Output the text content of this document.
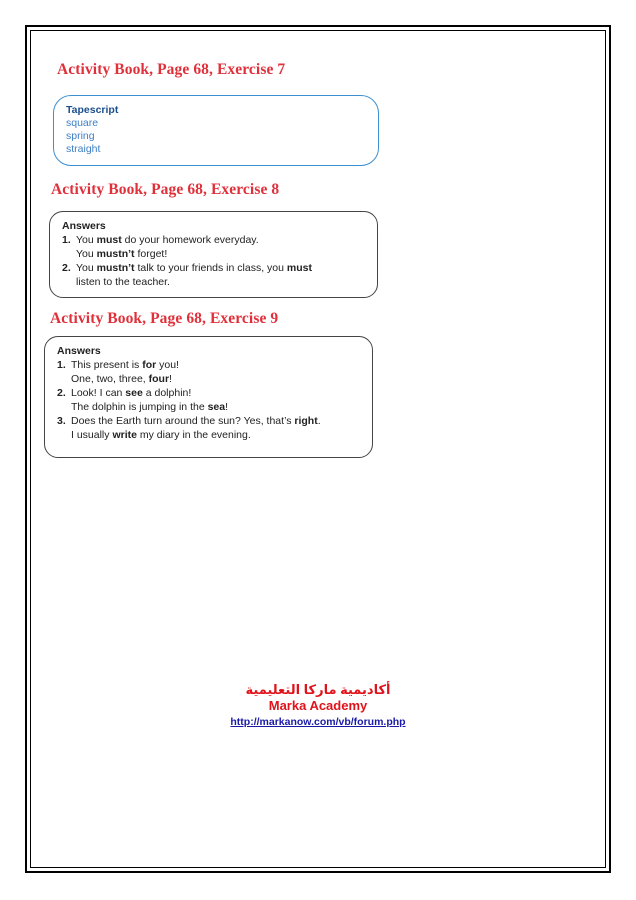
Activity Book, Page 68, Exercise 7
Tapescript
square
spring
straight
Activity Book, Page 68, Exercise 8
Answers
1. You must do your homework everyday.
You mustn’t forget!
2. You mustn’t talk to your friends in class, you must
listen to the teacher.
Activity Book, Page 68, Exercise 9
Answers
1. This present is for you!
One, two, three, four!
2. Look! I can see a dolphin!
The dolphin is jumping in the sea!
3. Does the Earth turn around the sun? Yes, that’s right.
I usually write my diary in the evening.
أكاديمية ماركا التعليمية
Marka Academy
http://markanow.com/vb/forum.php
